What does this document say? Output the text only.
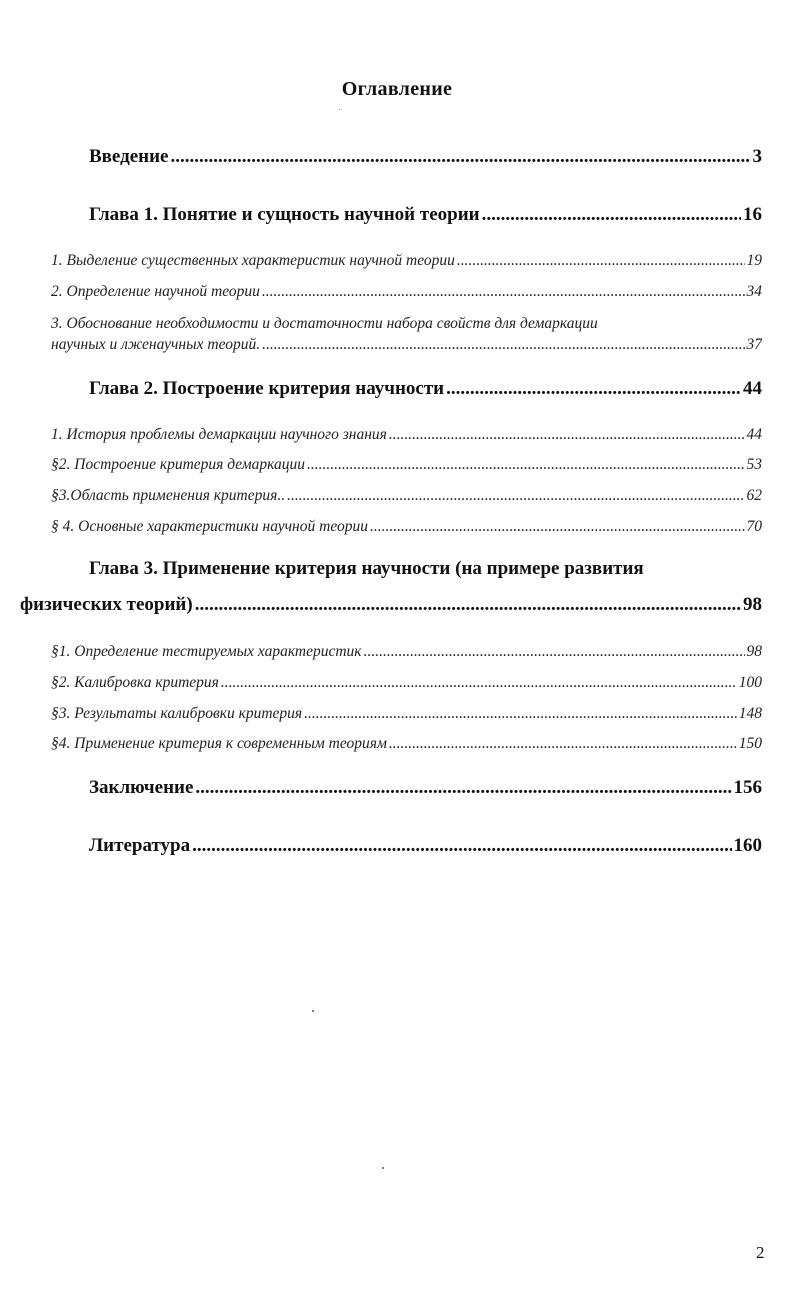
Оглавление
Введение .....	3
Глава 1. Понятие и сущность научной теории .....	16
1. Выделение существенных характеристик научной теории .....	19
2. Определение научной теории .....	34
3. Обоснование необходимости и достаточности набора свойств для демаркации
научных и лженаучных теорий. .....	37
Глава 2. Построение критерия научности .....	44
1. История проблемы демаркации научного знания .....	44
§2. Построение критерия демаркации .....	53
§3.Область применения критерия.. .....	62
§ 4. Основные характеристики научной теории .....	70
Глава 3. Применение критерия научности (на примере развития
физических теорий) .....	98
§1. Определение тестируемых характеристик .....	98
§2. Калибровка критерия .....	100
§3. Результаты калибровки критерия .....	148
§4. Применение критерия к современным теориям .....	150
Заключение .....	156
Литература .....	160
2
